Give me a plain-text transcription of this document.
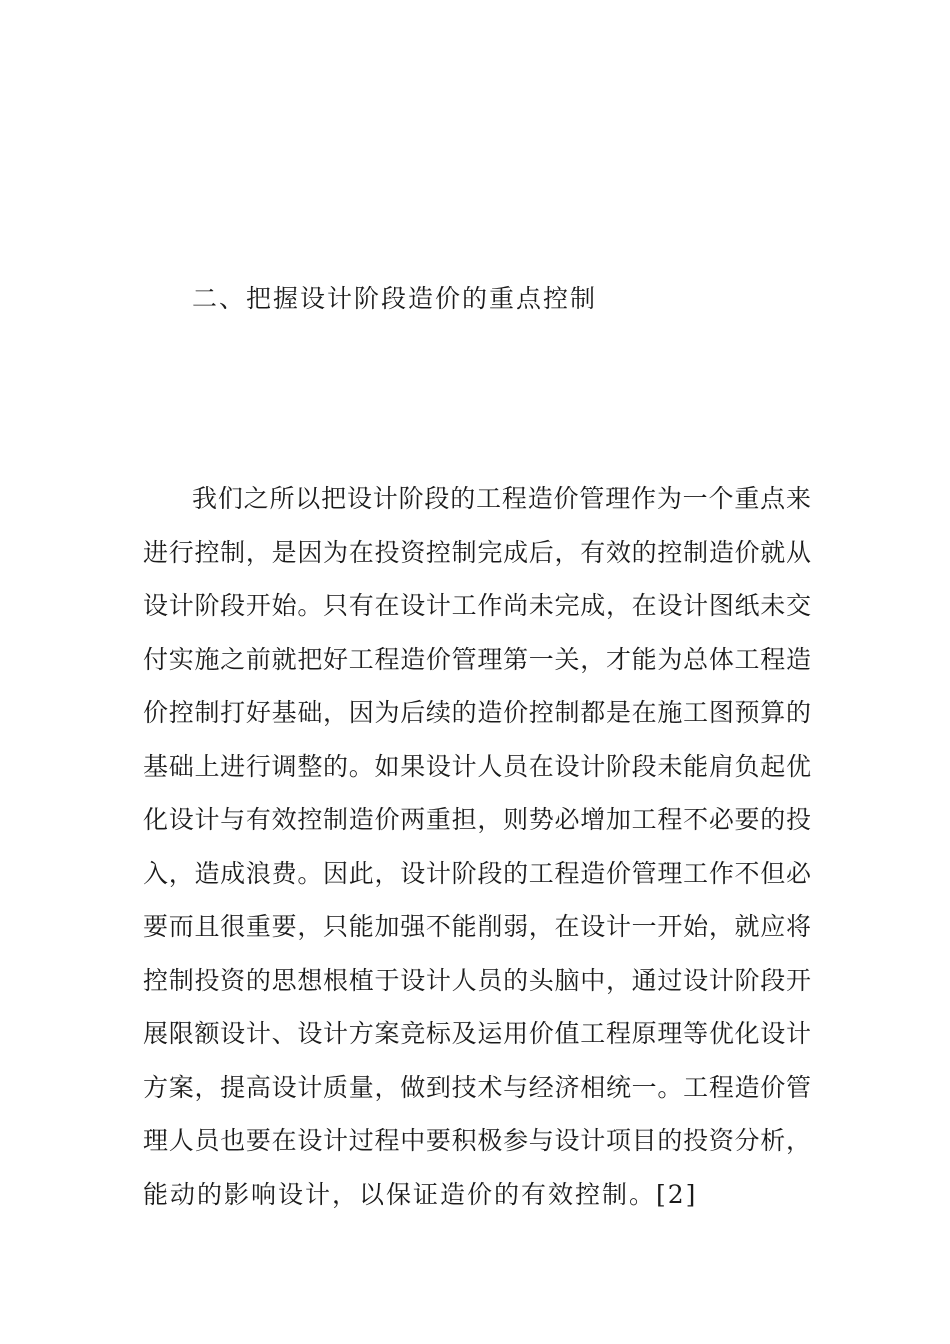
二、把握设计阶段造价的重点控制
我们之所以把设计阶段的工程造价管理作为一个重点来
进行控制，是因为在投资控制完成后，有效的控制造价就从
设计阶段开始。只有在设计工作尚未完成，在设计图纸未交
付实施之前就把好工程造价管理第一关，才能为总体工程造
价控制打好基础，因为后续的造价控制都是在施工图预算的
基础上进行调整的。如果设计人员在设计阶段未能肩负起优
化设计与有效控制造价两重担，则势必增加工程不必要的投
入，造成浪费。因此，设计阶段的工程造价管理工作不但必
要而且很重要，只能加强不能削弱，在设计一开始，就应将
控制投资的思想根植于设计人员的头脑中，通过设计阶段开
展限额设计、设计方案竞标及运用价值工程原理等优化设计
方案，提高设计质量，做到技术与经济相统一。工程造价管
理人员也要在设计过程中要积极参与设计项目的投资分析，
能动的影响设计，以保证造价的有效控制。[2]
